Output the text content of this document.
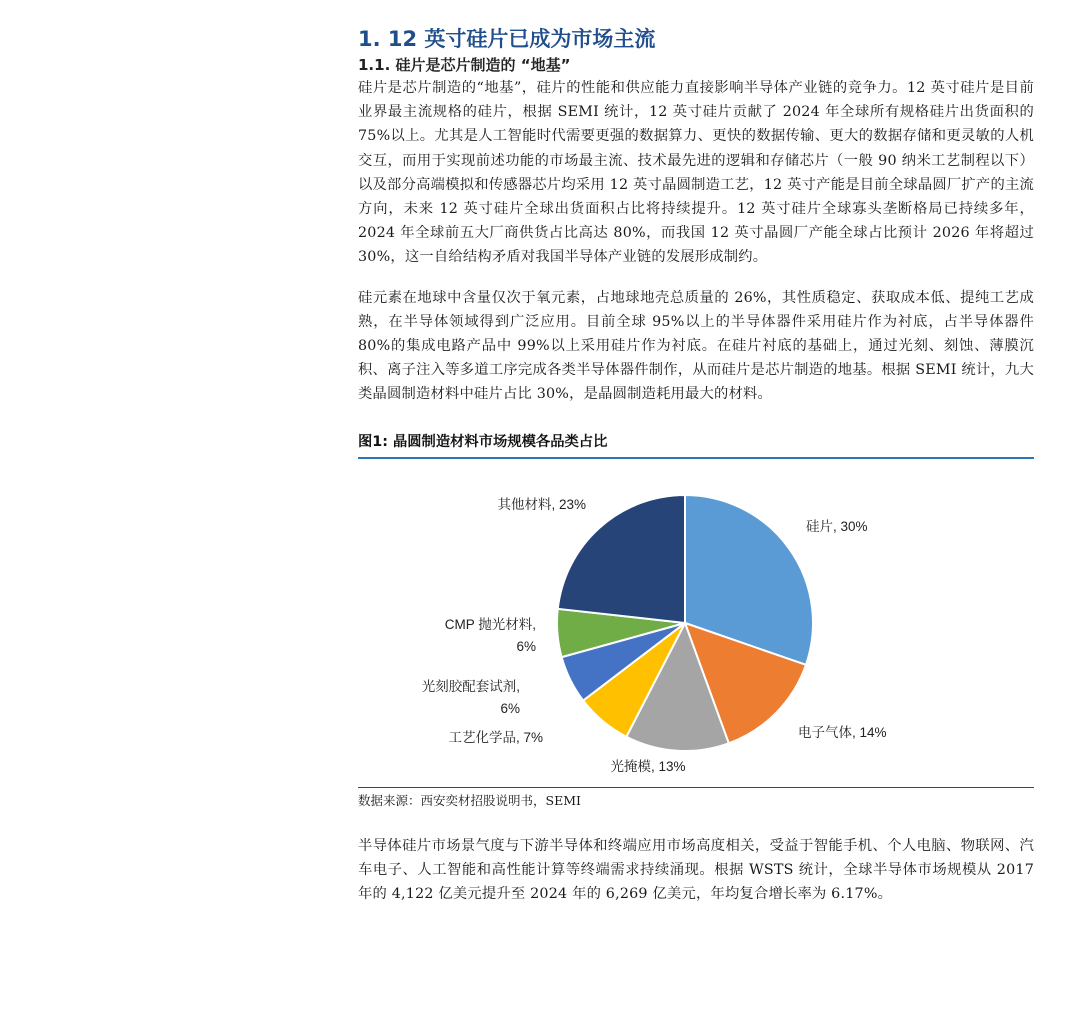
1. 12 英寸硅片已成为市场主流
1.1. 硅片是芯片制造的 “地基”

硅片是芯片制造的“地基”，硅片的性能和供应能力直接影响半导体产业链的竞争力。12 英寸硅片是目前业界最主流规格的硅片，根据 SEMI 统计，12 英寸硅片贡献了 2024 年全球所有规格硅片出货面积的 75%以上。尤其是人工智能时代需要更强的数据算力、更快的数据传输、更大的数据存储和更灵敏的人机交互，而用于实现前述功能的市场最主流、技术最先进的逻辑和存储芯片（一般 90 纳米工艺制程以下）以及部分高端模拟和传感器芯片均采用 12 英寸晶圆制造工艺，12 英寸产能是目前全球晶圆厂扩产的主流方向，未来 12 英寸硅片全球出货面积占比将持续提升。12 英寸硅片全球寡头垄断格局已持续多年，2024 年全球前五大厂商供货占比高达 80%，而我国 12 英寸晶圆厂产能全球占比预计 2026 年将超过 30%，这一自给结构矛盾对我国半导体产业链的发展形成制约。

硅元素在地球中含量仅次于氧元素，占地球地壳总质量的 26%，其性质稳定、获取成本低、提纯工艺成熟，在半导体领域得到广泛应用。目前全球 95%以上的半导体器件采用硅片作为衬底，占半导体器件 80%的集成电路产品中 99%以上采用硅片作为衬底。在硅片衬底的基础上，通过光刻、刻蚀、薄膜沉积、离子注入等多道工序完成各类半导体器件制作，从而硅片是芯片制造的地基。根据 SEMI 统计，九大类晶圆制造材料中硅片占比 30%，是晶圆制造耗用最大的材料。

图1: 晶圆制造材料市场规模各品类占比
硅片, 30%
电子气体, 14%
光掩模, 13%
工艺化学品, 7%
光刻胶配套试剂, 6%
CMP 抛光材料, 6%
其他材料, 23%
数据来源：西安奕材招股说明书，SEMI

半导体硅片市场景气度与下游半导体和终端应用市场高度相关，受益于智能手机、个人电脑、物联网、汽车电子、人工智能和高性能计算等终端需求持续涌现。根据 WSTS 统计，全球半导体市场规模从 2017 年的 4,122 亿美元提升至 2024 年的 6,269 亿美元，年均复合增长率为 6.17%。
